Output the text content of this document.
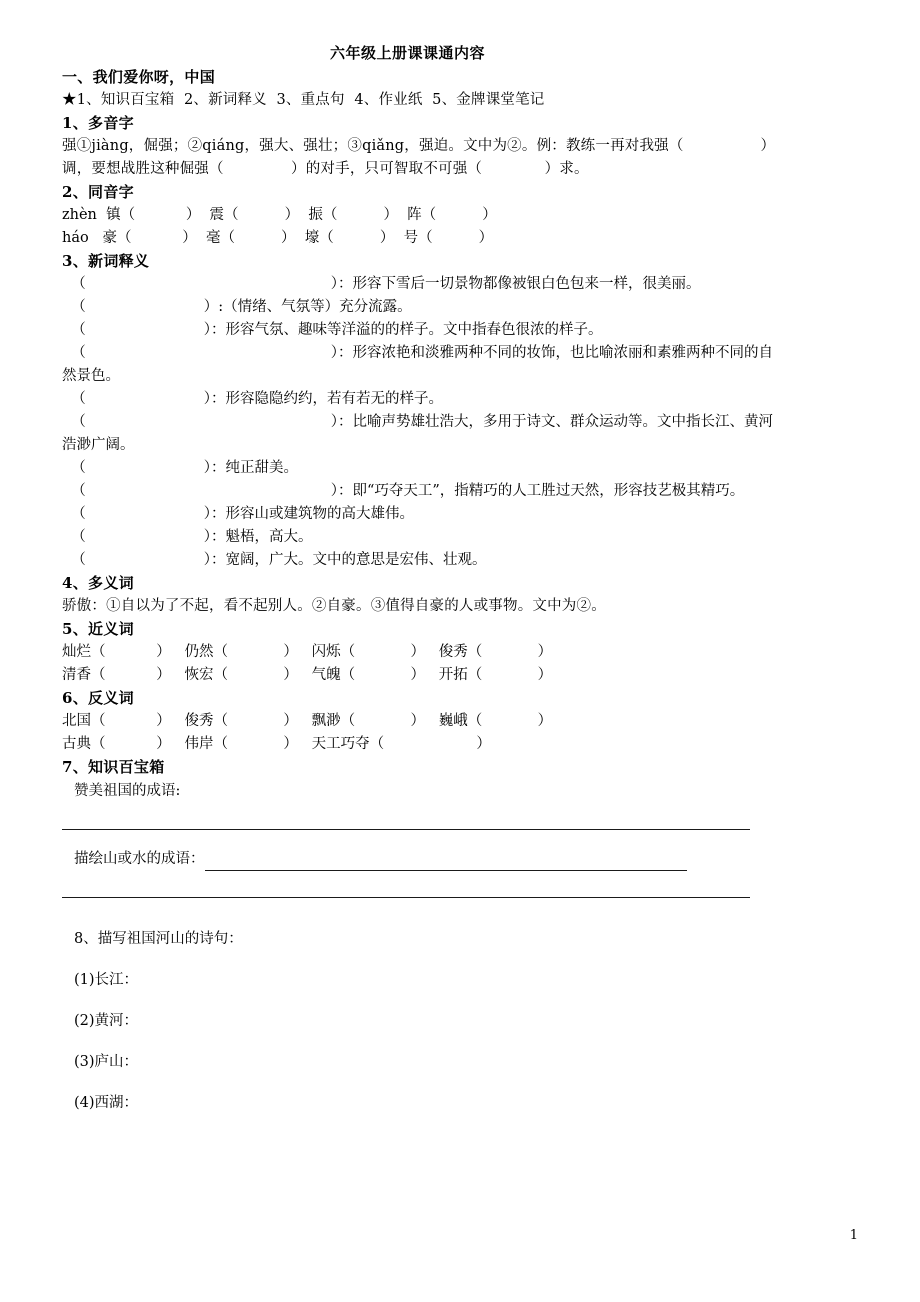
六年级上册课课通内容
一、我们爱你呀，中国
★1、知识百宝箱  2、新词释义  3、重点句  4、作业纸  5、金牌课堂笔记
1、多音字
强①jiàng，倔强；②qiáng，强大、强壮；③qiǎng，强迫。文中为②。例：教练一再对我强（                ）
调，要想战胜这种倔强（              ）的对手，只可智取不可强（             ）求。
2、同音字
zhèn 镇（           ） 震（          ） 振（          ） 阵（          ）
háo 豪（           ） 毫（          ） 壕（          ） 号（          ）
3、新词释义
（	）：形容下雪后一切景物都像被银白色包来一样，很美丽。
（	）:（情绪、气氛等）充分流露。
（	）：形容气氛、趣味等洋溢的的样子。文中指春色很浓的样子。
（	）：形容浓艳和淡雅两种不同的妆饰，也比喻浓丽和素雅两种不同的自
然景色。
（	）：形容隐隐约约，若有若无的样子。
（	）：比喻声势雄壮浩大，多用于诗文、群众运动等。文中指长江、黄河
浩渺广阔。
（	）：纯正甜美。
（	）：即“巧夺天工”，指精巧的人工胜过天然，形容技艺极其精巧。
（	）：形容山或建筑物的高大雄伟。
（	）：魁梧，高大。
（	）：宽阔，广大。文中的意思是宏伟、壮观。
4、多义词
骄傲：①自以为了不起，看不起别人。②自豪。③值得自豪的人或事物。文中为②。
5、近义词
灿烂（           ）   仍然（            ）   闪烁（            ）   俊秀（            ）
清香（           ）   恢宏（            ）   气魄（            ）   开拓（            ）
6、反义词
北国（           ）   俊秀（            ）   飘渺（            ）   巍峨（            ）
古典（           ）   伟岸（            ）   天工巧夺（                    ）
7、知识百宝箱
赞美祖国的成语:
描绘山或水的成语：
8、描写祖国河山的诗句：
(1)长江：
(2)黄河：
(3)庐山：
(4)西湖：
1
